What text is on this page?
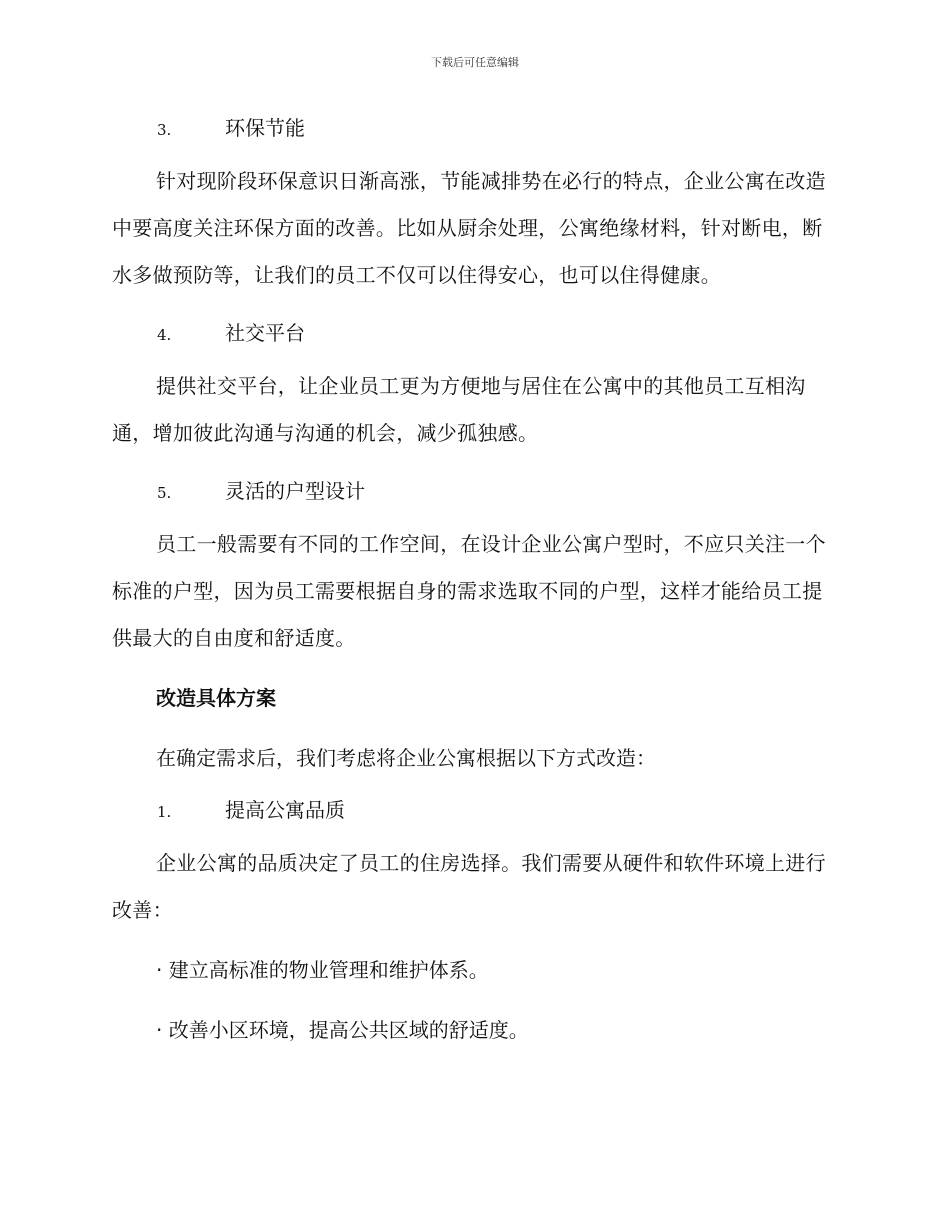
下载后可任意编辑
3.	环保节能

针对现阶段环保意识日渐高涨，节能减排势在必行的特点，企业公寓在改造中要高度关注环保方面的改善。比如从厨余处理，公寓绝缘材料，针对断电，断水多做预防等，让我们的员工不仅可以住得安心，也可以住得健康。

4.	社交平台

提供社交平台，让企业员工更为方便地与居住在公寓中的其他员工互相沟通，增加彼此沟通与沟通的机会，减少孤独感。

5.	灵活的户型设计

员工一般需要有不同的工作空间，在设计企业公寓户型时，不应只关注一个标准的户型，因为员工需要根据自身的需求选取不同的户型，这样才能给员工提供最大的自由度和舒适度。

改造具体方案
在确定需求后，我们考虑将企业公寓根据以下方式改造：
1.	提高公寓品质

企业公寓的品质决定了员工的住房选择。我们需要从硬件和软件环境上进行改善：

· 建立高标准的物业管理和维护体系。
· 改善小区环境，提高公共区域的舒适度。
